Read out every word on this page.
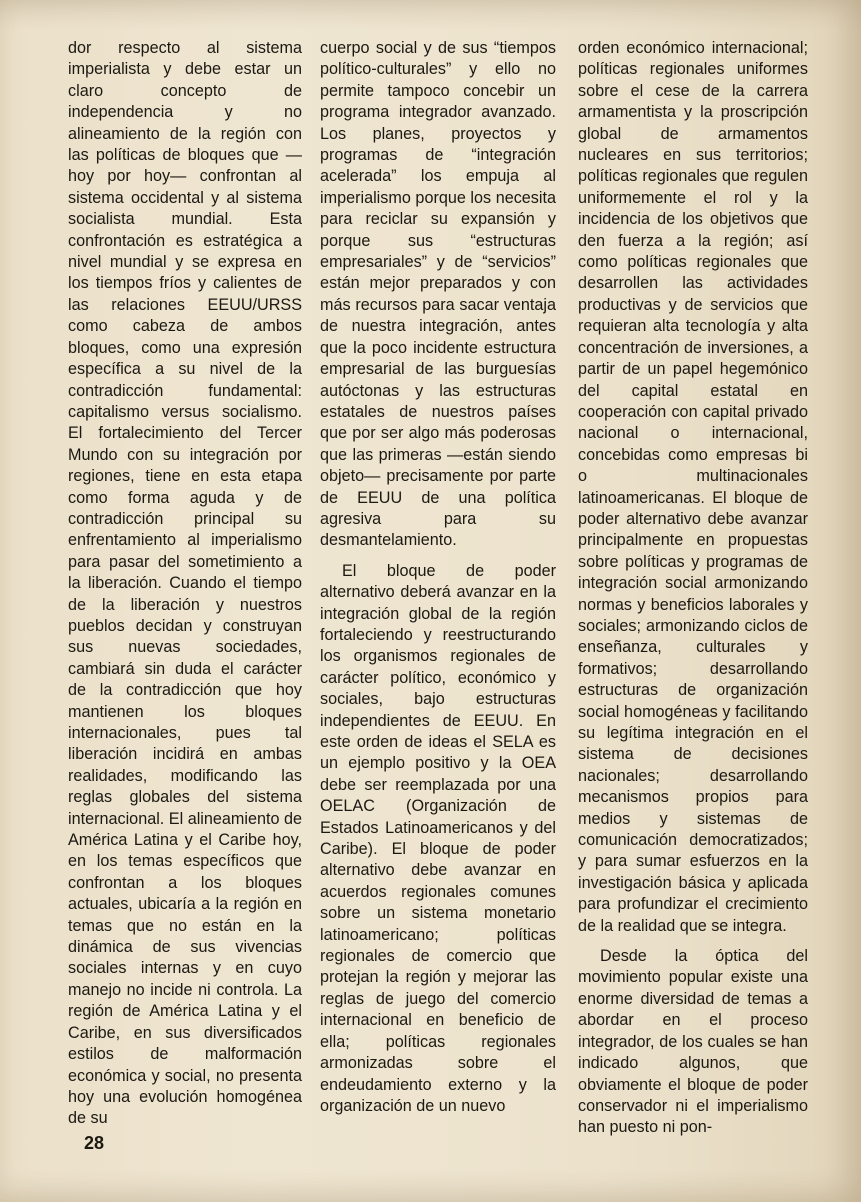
dor respecto al sistema imperialista y debe estar un claro concepto de independencia y no alineamiento de la región con las políticas de bloques que —hoy por hoy— confrontan al sistema occidental y al sistema socialista mundial. Esta confrontación es estratégica a nivel mundial y se expresa en los tiempos fríos y calientes de las relaciones EEUU/URSS como cabeza de ambos bloques, como una expresión específica a su nivel de la contradicción fundamental: capitalismo versus socialismo. El fortalecimiento del Tercer Mundo con su integración por regiones, tiene en esta etapa como forma aguda y de contradicción principal su enfrentamiento al imperialismo para pasar del sometimiento a la liberación. Cuando el tiempo de la liberación y nuestros pueblos decidan y construyan sus nuevas sociedades, cambiará sin duda el carácter de la contradicción que hoy mantienen los bloques internacionales, pues tal liberación incidirá en ambas realidades, modificando las reglas globales del sistema internacional. El alineamiento de América Latina y el Caribe hoy, en los temas específicos que confrontan a los bloques actuales, ubicaría a la región en temas que no están en la dinámica de sus vivencias sociales internas y en cuyo manejo no incide ni controla. La región de América Latina y el Caribe, en sus diversificados estilos de malformación económica y social, no presenta hoy una evolución homogénea de su

cuerpo social y de sus “tiempos político-culturales” y ello no permite tampoco concebir un programa integrador avanzado. Los planes, proyectos y programas de “integración acelerada” los empuja al imperialismo porque los necesita para reciclar su expansión y porque sus “estructuras empresariales” y de “servicios” están mejor preparados y con más recursos para sacar ventaja de nuestra integración, antes que la poco incidente estructura empresarial de las burguesías autóctonas y las estructuras estatales de nuestros países que por ser algo más poderosas que las primeras —están siendo objeto— precisamente por parte de EEUU de una política agresiva para su desmantelamiento.

El bloque de poder alternativo deberá avanzar en la integración global de la región fortaleciendo y reestructurando los organismos regionales de carácter político, económico y sociales, bajo estructuras independientes de EEUU. En este orden de ideas el SELA es un ejemplo positivo y la OEA debe ser reemplazada por una OELAC (Organización de Estados Latinoamericanos y del Caribe). El bloque de poder alternativo debe avanzar en acuerdos regionales comunes sobre un sistema monetario latinoamericano; políticas regionales de comercio que protejan la región y mejorar las reglas de juego del comercio internacional en beneficio de ella; políticas regionales armonizadas sobre el endeudamiento externo y la organización de un nuevo

orden económico internacional; políticas regionales uniformes sobre el cese de la carrera armamentista y la proscripción global de armamentos nucleares en sus territorios; políticas regionales que regulen uniformemente el rol y la incidencia de los objetivos que den fuerza a la región; así como políticas regionales que desarrollen las actividades productivas y de servicios que requieran alta tecnología y alta concentración de inversiones, a partir de un papel hegemónico del capital estatal en cooperación con capital privado nacional o internacional, concebidas como empresas bi o multinacionales latinoamericanas. El bloque de poder alternativo debe avanzar principalmente en propuestas sobre políticas y programas de integración social armonizando normas y beneficios laborales y sociales; armonizando ciclos de enseñanza, culturales y formativos; desarrollando estructuras de organización social homogéneas y facilitando su legítima integración en el sistema de decisiones nacionales; desarrollando mecanismos propios para medios y sistemas de comunicación democratizados; y para sumar esfuerzos en la investigación básica y aplicada para profundizar el crecimiento de la realidad que se integra.

Desde la óptica del movimiento popular existe una enorme diversidad de temas a abordar en el proceso integrador, de los cuales se han indicado algunos, que obviamente el bloque de poder conservador ni el imperialismo han puesto ni pon-

28
